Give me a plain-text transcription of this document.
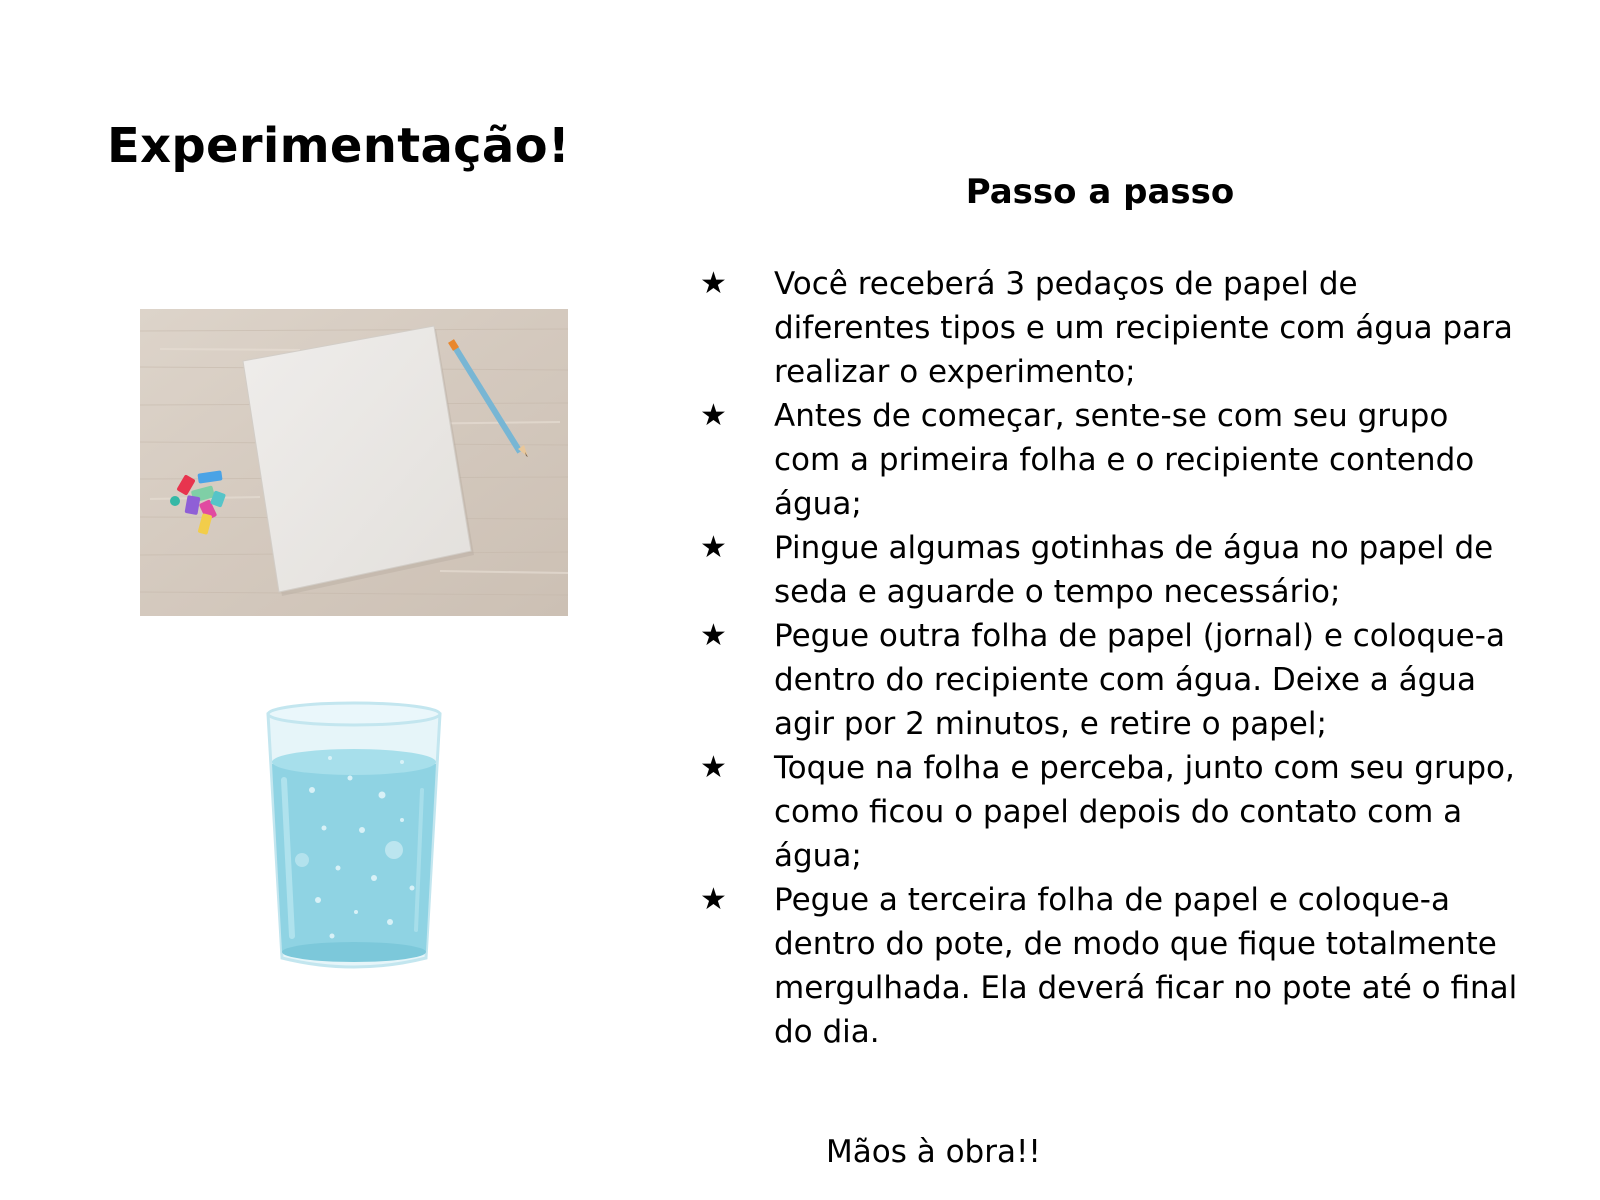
Experimentação!
Passo a passo
★ Você receberá 3 pedaços de papel de diferentes tipos e um recipiente com água para realizar o experimento;
★ Antes de começar, sente-se com seu grupo com a primeira folha e o recipiente contendo água;
★ Pingue algumas gotinhas de água no papel de seda e aguarde o tempo necessário;
★ Pegue outra folha de papel (jornal) e coloque-a dentro do recipiente com água. Deixe a água agir por 2 minutos, e retire o papel;
★ Toque na folha e perceba, junto com seu grupo, como ficou o papel depois do contato com a água;
★ Pegue a terceira folha de papel e coloque-a dentro do pote, de modo que fique totalmente mergulhada. Ela deverá ficar no pote até o final do dia.
Mãos à obra!!
